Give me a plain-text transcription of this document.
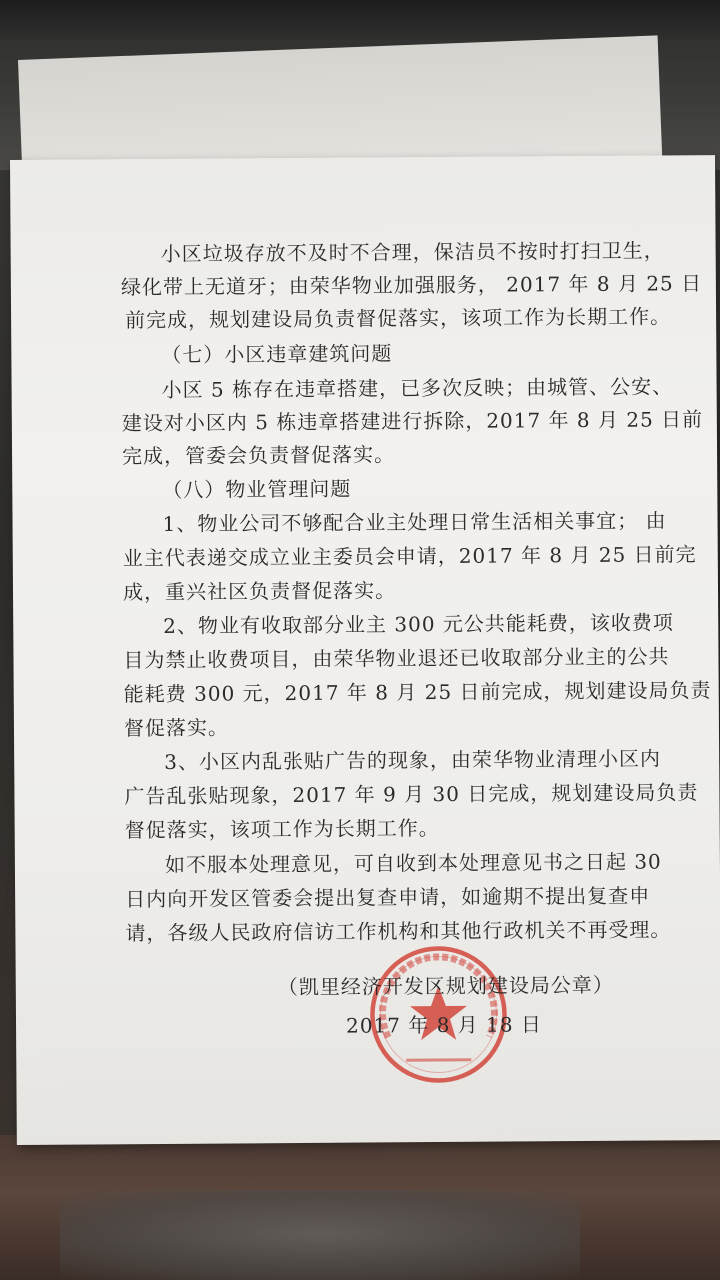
小区垃圾存放不及时不合理，保洁员不按时打扫卫生，
绿化带上无道牙；由荣华物业加强服务， 2017 年 8 月 25 日
前完成，规划建设局负责督促落实，该项工作为长期工作。
（七）小区违章建筑问题
小区 5 栋存在违章搭建，已多次反映；由城管、公安、
建设对小区内 5 栋违章搭建进行拆除，2017 年 8 月 25 日前
完成，管委会负责督促落实。
（八）物业管理问题
1、物业公司不够配合业主处理日常生活相关事宜； 由
业主代表递交成立业主委员会申请，2017 年 8 月 25 日前完
成，重兴社区负责督促落实。
2、物业有收取部分业主 300 元公共能耗费，该收费项
目为禁止收费项目，由荣华物业退还已收取部分业主的公共
能耗费 300 元，2017 年 8 月 25 日前完成，规划建设局负责
督促落实。
3、小区内乱张贴广告的现象，由荣华物业清理小区内
广告乱张贴现象，2017 年 9 月 30 日完成，规划建设局负责
督促落实，该项工作为长期工作。
如不服本处理意见，可自收到本处理意见书之日起 30
日内向开发区管委会提出复查申请，如逾期不提出复查申
请，各级人民政府信访工作机构和其他行政机关不再受理。
（凯里经济开发区规划建设局公章）
2017 年 8 月 18 日
